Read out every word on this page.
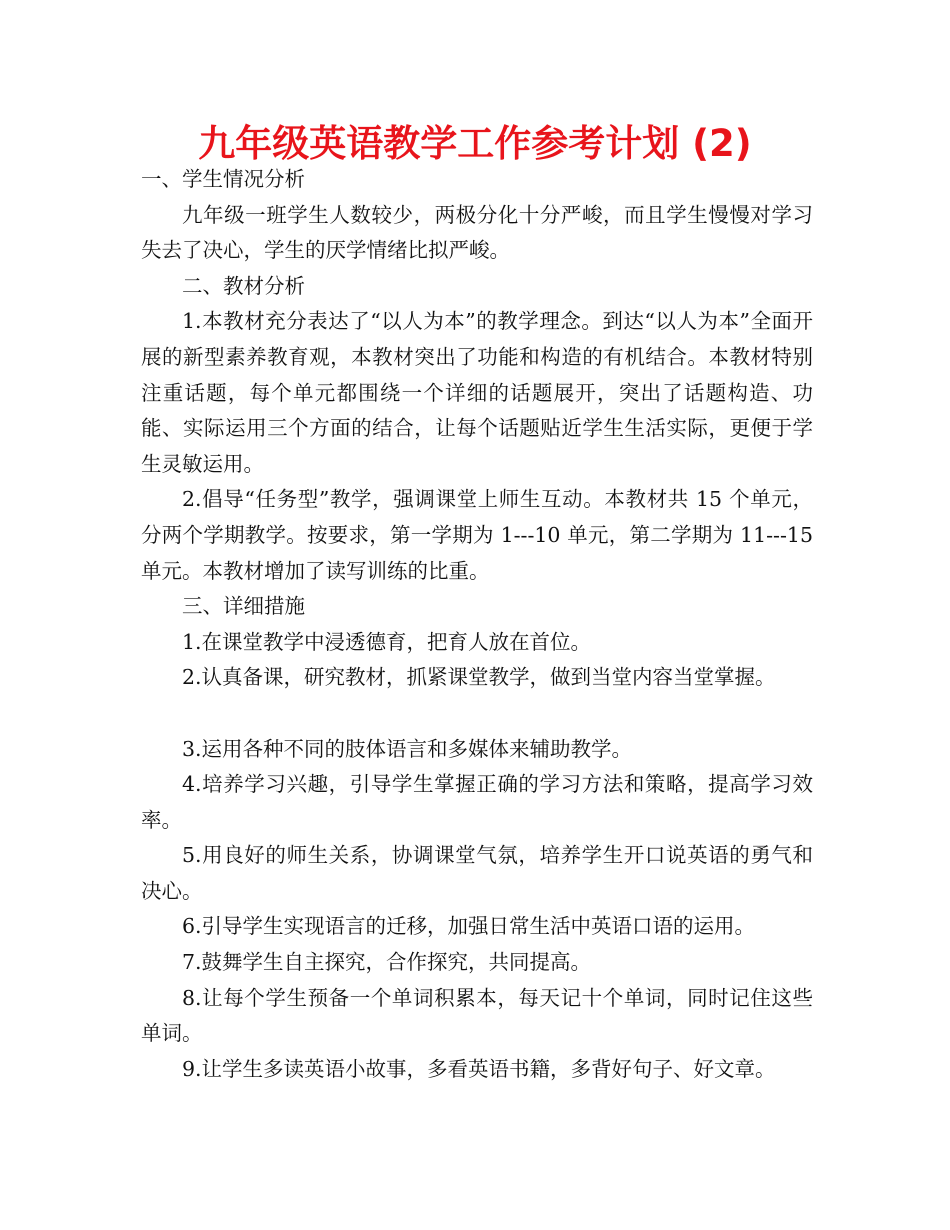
九年级英语教学工作参考计划 (2)

一、学生情况分析

九年级一班学生人数较少，两极分化十分严峻，而且学生慢慢对学习失去了决心，学生的厌学情绪比拟严峻。

二、教材分析

1.本教材充分表达了“以人为本”的教学理念。到达“以人为本”全面开展的新型素养教育观，本教材突出了功能和构造的有机结合。本教材特别注重话题，每个单元都围绕一个详细的话题展开，突出了话题构造、功能、实际运用三个方面的结合，让每个话题贴近学生生活实际，更便于学生灵敏运用。

2.倡导“任务型”教学，强调课堂上师生互动。本教材共 15 个单元，分两个学期教学。按要求，第一学期为 1---10 单元，第二学期为 11---15 单元。本教材增加了读写训练的比重。

三、详细措施

1.在课堂教学中浸透德育，把育人放在首位。

2.认真备课，研究教材，抓紧课堂教学，做到当堂内容当堂掌握。

3.运用各种不同的肢体语言和多媒体来辅助教学。

4.培养学习兴趣，引导学生掌握正确的学习方法和策略，提高学习效率。

5.用良好的师生关系，协调课堂气氛，培养学生开口说英语的勇气和决心。

6.引导学生实现语言的迁移，加强日常生活中英语口语的运用。

7.鼓舞学生自主探究，合作探究，共同提高。

8.让每个学生预备一个单词积累本，每天记十个单词，同时记住这些单词。

9.让学生多读英语小故事，多看英语书籍，多背好句子、好文章。
